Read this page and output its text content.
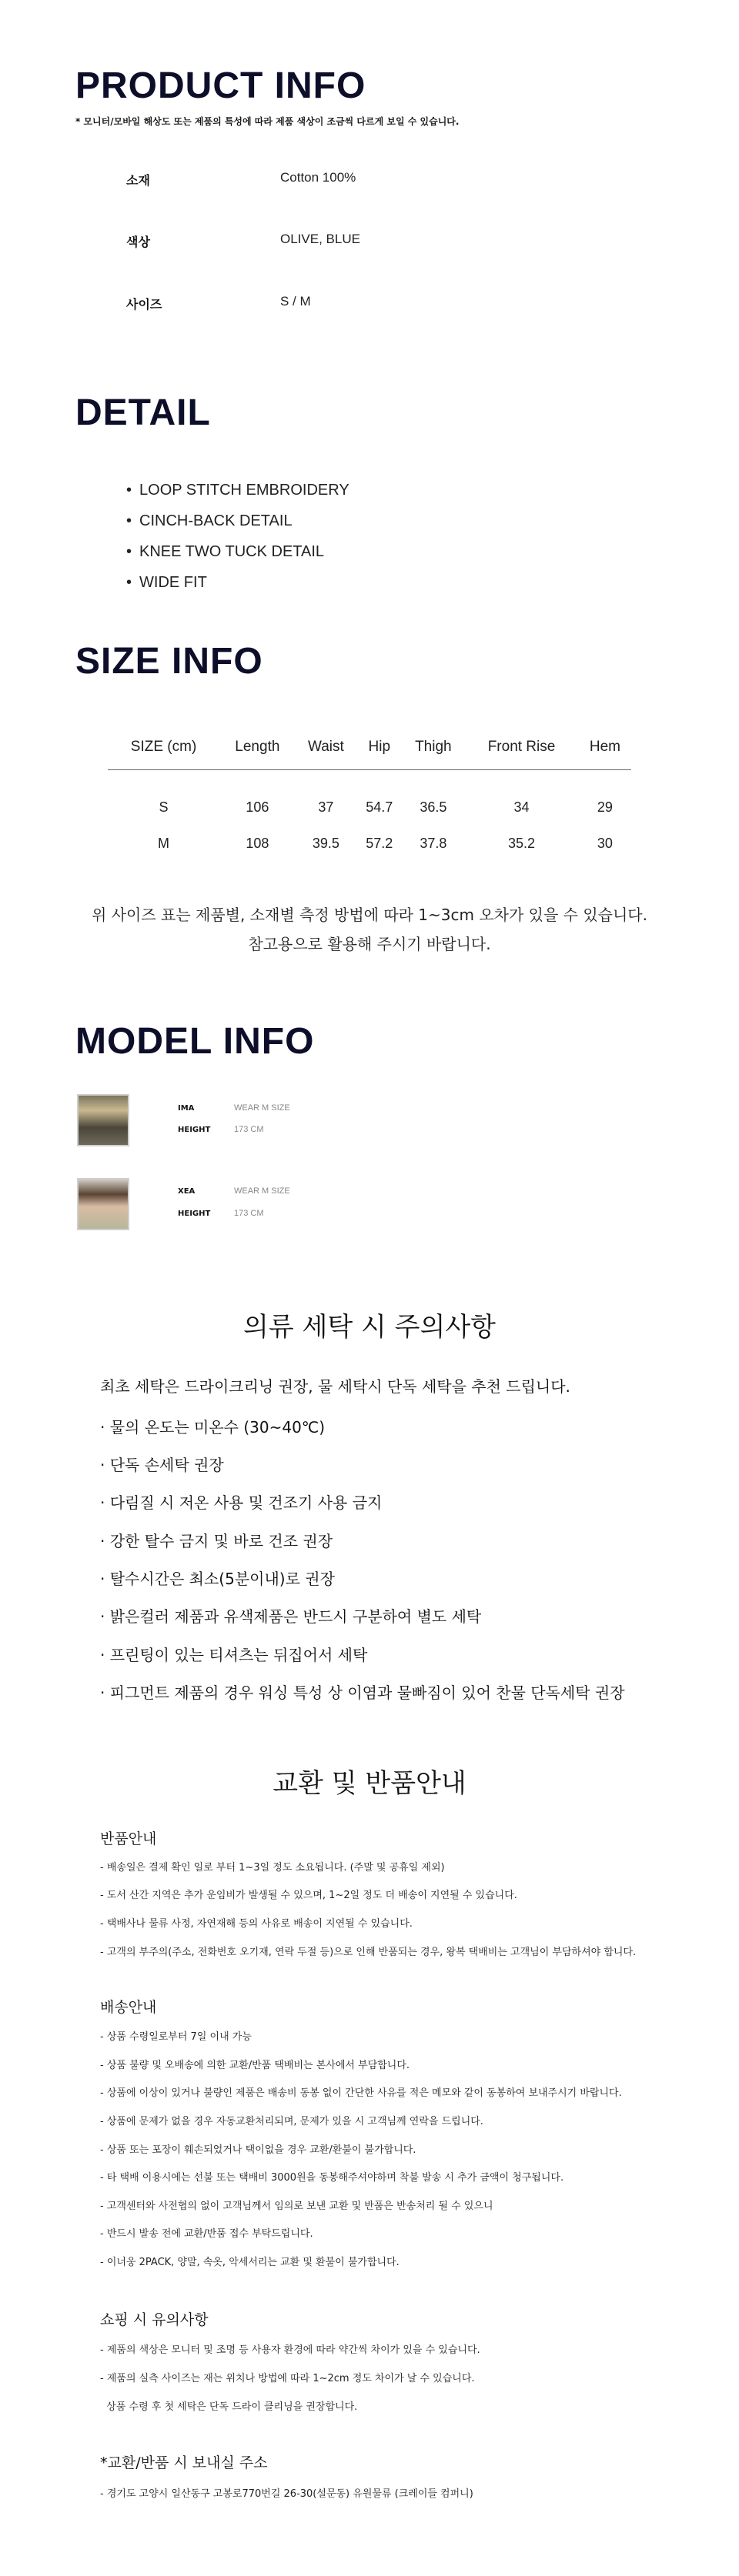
PRODUCT INFO
* 모니터/모바일 해상도 또는 제품의 특성에 따라 제품 색상이 조금씩 다르게 보일 수 있습니다.
소재	Cotton 100%
색상	OLIVE, BLUE
사이즈	S / M
DETAIL
• LOOP STITCH EMBROIDERY
• CINCH-BACK DETAIL
• KNEE TWO TUCK DETAIL
• WIDE FIT
SIZE INFO
SIZE (cm)	Length	Waist	Hip	Thigh	Front Rise	Hem
S	106	37	54.7	36.5	34	29
M	108	39.5	57.2	37.8	35.2	30
위 사이즈 표는 제품별, 소재별 측정 방법에 따라 1~3cm 오차가 있을 수 있습니다.
참고용으로 활용해 주시기 바랍니다.
MODEL INFO
IMA	WEAR M SIZE
HEIGHT	173 CM
XEA	WEAR M SIZE
HEIGHT	173 CM
의류 세탁 시 주의사항
최초 세탁은 드라이크리닝 권장, 물 세탁시 단독 세탁을 추천 드립니다.
· 물의 온도는 미온수 (30~40℃)
· 단독 손세탁 권장
· 다림질 시 저온 사용 및 건조기 사용 금지
· 강한 탈수 금지 및 바로 건조 권장
· 탈수시간은 최소(5분이내)로 권장
· 밝은컬러 제품과 유색제품은 반드시 구분하여 별도 세탁
· 프린팅이 있는 티셔츠는 뒤집어서 세탁
· 피그먼트 제품의 경우 워싱 특성 상 이염과 물빠짐이 있어 찬물 단독세탁 권장
교환 및 반품안내
반품안내
- 배송일은 결제 확인 일로 부터 1~3일 정도 소요됩니다. (주말 및 공휴일 제외)
- 도서 산간 지역은 추가 운임비가 발생될 수 있으며, 1~2일 정도 더 배송이 지연될 수 있습니다.
- 택배사나 물류 사정, 자연재해 등의 사유로 배송이 지연될 수 있습니다.
- 고객의 부주의(주소, 전화번호 오기재, 연락 두절 등)으로 인해 반품되는 경우, 왕복 택배비는 고객님이 부담하셔야 합니다.
배송안내
- 상품 수령일로부터 7일 이내 가능
- 상품 불량 및 오배송에 의한 교환/반품 택배비는 본사에서 부담합니다.
- 상품에 이상이 있거나 불량인 제품은 배송비 동봉 없이 간단한 사유를 적은 메모와 같이 동봉하여 보내주시기 바랍니다.
- 상품에 문제가 없을 경우 자동교환처리되며, 문제가 있을 시 고객님께 연락을 드립니다.
- 상품 또는 포장이 훼손되었거나 택이없을 경우 교환/환불이 불가합니다.
- 타 택배 이용시에는 선불 또는 택배비 3000원을 동봉해주셔야하며 착불 발송 시 추가 금액이 청구됩니다.
- 고객센터와 사전협의 없이 고객님께서 임의로 보낸 교환 및 반품은 반송처리 될 수 있으니
- 반드시 발송 전에 교환/반품 접수 부탁드립니다.
- 이너웅 2PACK, 양말, 속옷, 악세서리는 교환 및 환불이 불가합니다.
쇼핑 시 유의사항
- 제품의 색상은 모니터 및 조명 등 사용자 환경에 따라 약간씩 차이가 있을 수 있습니다.
- 제품의 실측 사이즈는 재는 위치나 방법에 따라 1~2cm 정도 차이가 날 수 있습니다.
상품 수령 후 첫 세탁은 단독 드라이 클리닝을 권장합니다.
*교환/반품 시 보내실 주소
- 경기도 고양시 일산동구 고봉로770번길 26-30(설문동) 유원물류 (크레이들 컴퍼니)
